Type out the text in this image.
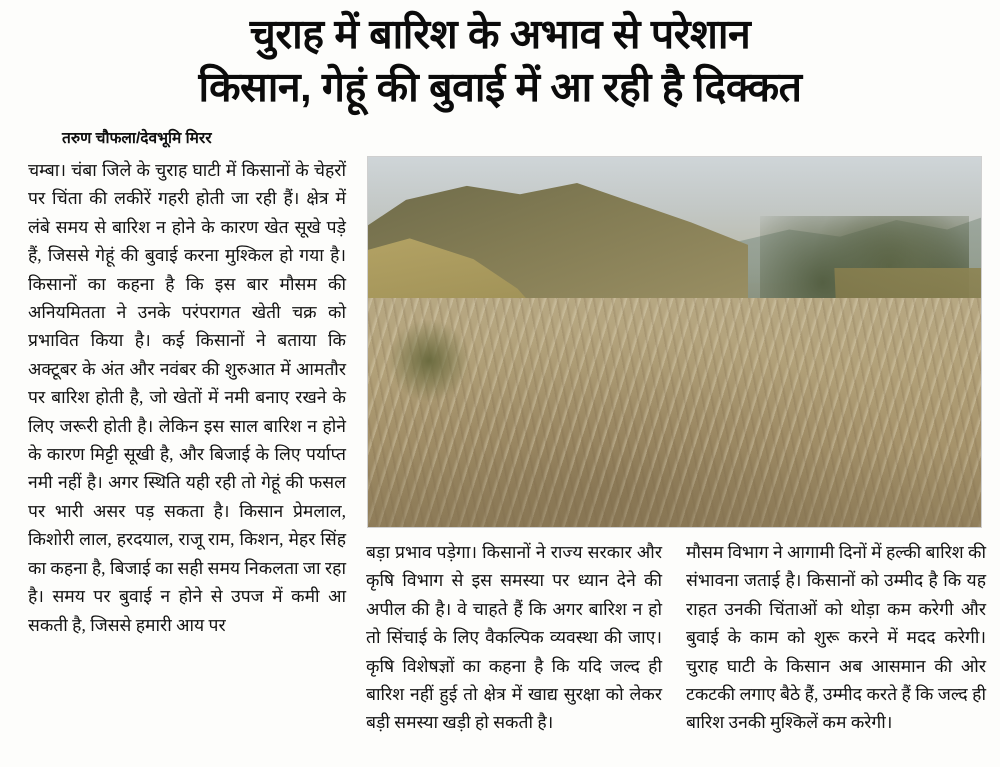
चुरा‍ह में बारिश के अभाव से परेशान
किसान, गेहूं की बुवाई में आ रही है दिक्कत
तरुण चौफला/देवभूमि मिरर

चम्बा। चंबा जिले के चुराह घाटी में किसानों के चेहरों पर चिंता की लकीरें गहरी होती जा रही हैं। क्षेत्र में लंबे समय से बारिश न होने के कारण खेत सूखे पड़े हैं, जिससे गेहूं की बुवाई करना मुश्किल हो गया है। किसानों का कहना है कि इस बार मौसम की अनियमितता ने उनके परंपरागत खेती चक्र को प्रभावित किया है। कई किसानों ने बताया कि अक्टूबर के अंत और नवंबर की शुरुआत में आमतौर पर बारिश होती है, जो खेतों में नमी बनाए रखने के लिए जरूरी होती है। लेकिन इस साल बारिश न होने के कारण मिट्टी सूखी है, और बिजाई के लिए पर्याप्त नमी नहीं है। अगर स्थिति यही रही तो गेहूं की फसल पर भारी असर पड़ सकता है। किसान प्रेमलाल, किशोरी लाल, हरदयाल, राजू राम, किशन, मेहर सिंह का कहना है, बिजाई का सही समय निकलता जा रहा है। समय पर बुवाई न होने से उपज में कमी आ सकती है, जिससे हमारी आय पर

बड़ा प्रभाव पड़ेगा। किसानों ने राज्य सरकार और कृषि विभाग से इस समस्या पर ध्यान देने की अपील की है। वे चाहते हैं कि अगर बारिश न हो तो सिंचाई के लिए वैकल्पिक व्यवस्था की जाए। कृषि विशेषज्ञों का कहना है कि यदि जल्द ही बारिश नहीं हुई तो क्षेत्र में खाद्य सुरक्षा को लेकर बड़ी समस्या खड़ी हो सकती है।

मौसम विभाग ने आगामी दिनों में हल्की बारिश की संभावना जताई है। किसानों को उम्मीद है कि यह राहत उनकी चिंताओं को थोड़ा कम करेगी और बुवाई के काम को शुरू करने में मदद करेगी। चुराह घाटी के किसान अब आसमान की ओर टकटकी लगाए बैठे हैं, उम्मीद करते हैं कि जल्द ही बारिश उनकी मुश्किलें कम करेगी।
